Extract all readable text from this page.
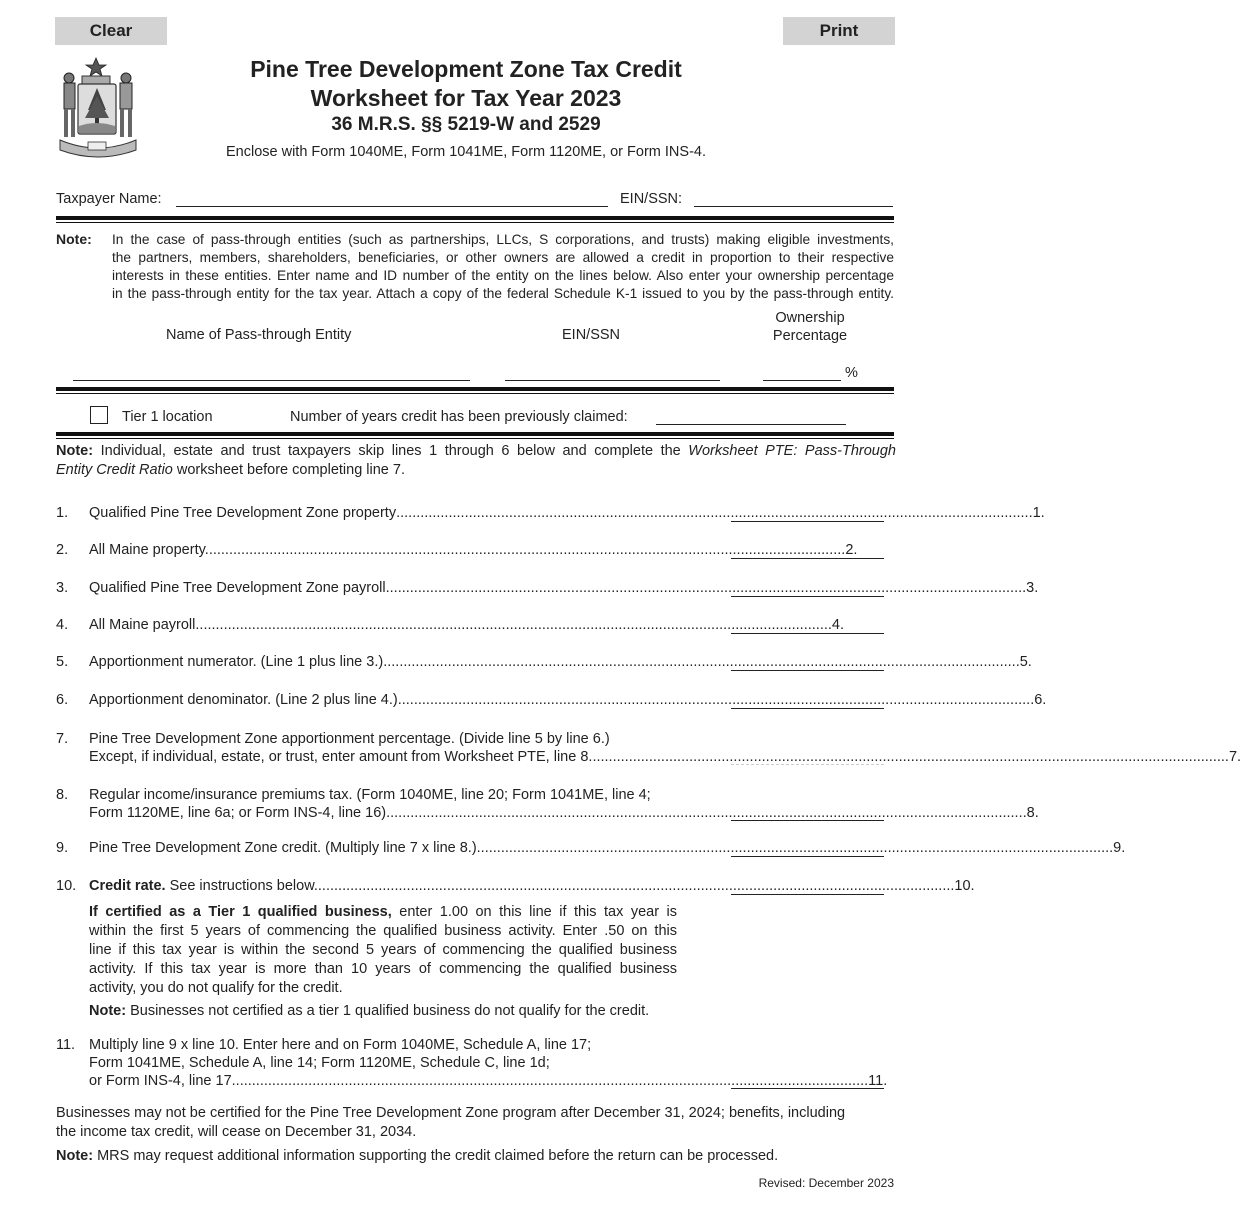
Clear	Print
Pine Tree Development Zone Tax Credit
Worksheet for Tax Year 2023
36 M.R.S. §§ 5219-W and 2529
Enclose with Form 1040ME, Form 1041ME, Form 1120ME, or Form INS-4.
Taxpayer Name:	EIN/SSN:
Note: In the case of pass-through entities (such as partnerships, LLCs, S corporations, and trusts) making eligible investments,
the partners, members, shareholders, beneficiaries, or other owners are allowed a credit in proportion to their respective
interests in these entities. Enter name and ID number of the entity on the lines below. Also enter your ownership percentage
in the pass-through entity for the tax year. Attach a copy of the federal Schedule K-1 issued to you by the pass-through entity.
Name of Pass-through Entity	EIN/SSN
Ownership
Percentage
%
Tier 1 location	Number of years credit has been previously claimed:
Note: Individual, estate and trust taxpayers skip lines 1 through 6 below and complete the Worksheet PTE: Pass-Through
Entity Credit Ratio worksheet before completing line 7.
1. Qualified Pine Tree Development Zone property .............................................................................................................................................................. 1.
2. All Maine property. .............................................................................................................................................................. 2.
3. Qualified Pine Tree Development Zone payroll. .............................................................................................................................................................. 3.
4. All Maine payroll .............................................................................................................................................................. 4.
5. Apportionment numerator. (Line 1 plus line 3.) .............................................................................................................................................................. 5.
6. Apportionment denominator. (Line 2 plus line 4.) .............................................................................................................................................................. 6.
7. Pine Tree Development Zone apportionment percentage. (Divide line 5 by line 6.)
Except, if individual, estate, or trust, enter amount from Worksheet PTE, line 8. .............................................................................................................................................................. 7.
8. Regular income/insurance premiums tax. (Form 1040ME, line 20; Form 1041ME, line 4;
Form 1120ME, line 6a; or Form INS-4, line 16). .............................................................................................................................................................. 8.
9. Pine Tree Development Zone credit. (Multiply line 7 x line 8.) .............................................................................................................................................................. 9.
10. Credit rate. See instructions below. .............................................................................................................................................................. 10.
If certified as a Tier 1 qualified business, enter 1.00 on this line if this tax year is
within the first 5 years of commencing the qualified business activity. Enter .50 on this
line if this tax year is within the second 5 years of commencing the qualified business
activity. If this tax year is more than 10 years of commencing the qualified business
activity, you do not qualify for the credit.
Note: Businesses not certified as a tier 1 qualified business do not qualify for the credit.
11. Multiply line 9 x line 10. Enter here and on Form 1040ME, Schedule A, line 17;
Form 1041ME, Schedule A, line 14; Form 1120ME, Schedule C, line 1d;
or Form INS-4, line 17 .............................................................................................................................................................. 11.
Businesses may not be certified for the Pine Tree Development Zone program after December 31, 2024; benefits, including
the income tax credit, will cease on December 31, 2034.
Note: MRS may request additional information supporting the credit claimed before the return can be processed.
Revised: December 2023
